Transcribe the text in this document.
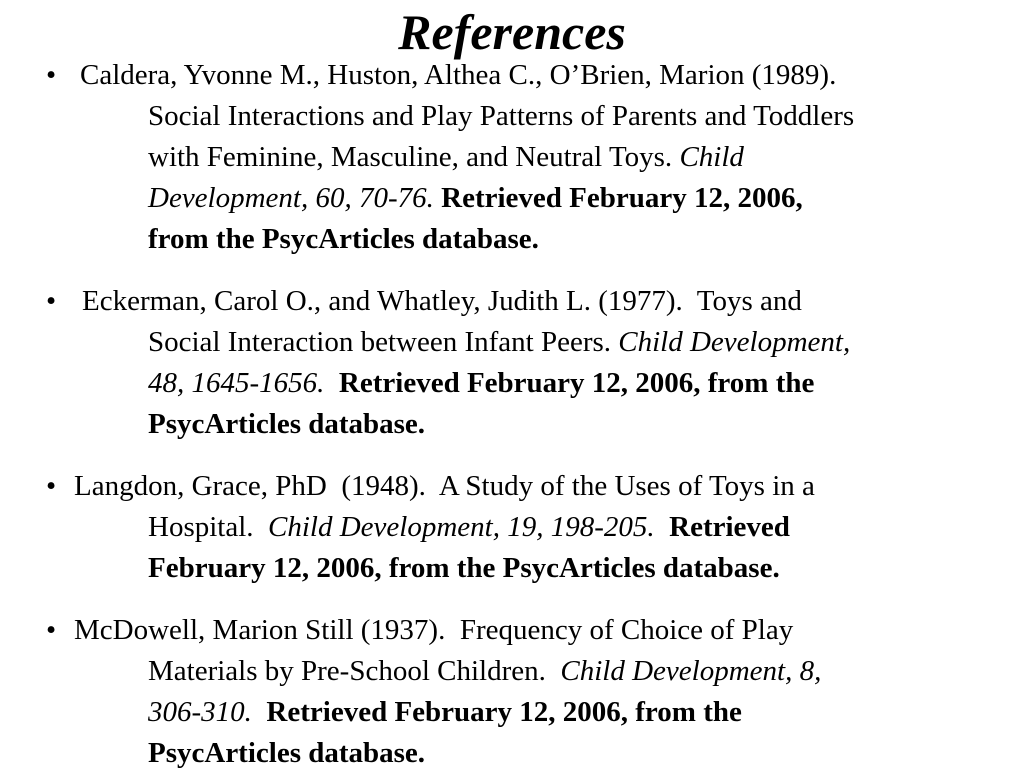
References
• Caldera, Yvonne M., Huston, Althea C., O’Brien, Marion (1989).
Social Interactions and Play Patterns of Parents and Toddlers
with Feminine, Masculine, and Neutral Toys. Child
Development, 60, 70-76. Retrieved February 12, 2006,
from the PsycArticles database.
• Eckerman, Carol O., and Whatley, Judith L. (1977).  Toys and
Social Interaction between Infant Peers. Child Development,
48, 1645-1656. Retrieved February 12, 2006, from the
PsycArticles database.
• Langdon, Grace, PhD  (1948).  A Study of the Uses of Toys in a
Hospital.  Child Development, 19, 198-205. Retrieved
February 12, 2006, from the PsycArticles database.
• McDowell, Marion Still (1937).  Frequency of Choice of Play
Materials by Pre-School Children.  Child Development, 8,
306-310. Retrieved February 12, 2006, from the
PsycArticles database.
